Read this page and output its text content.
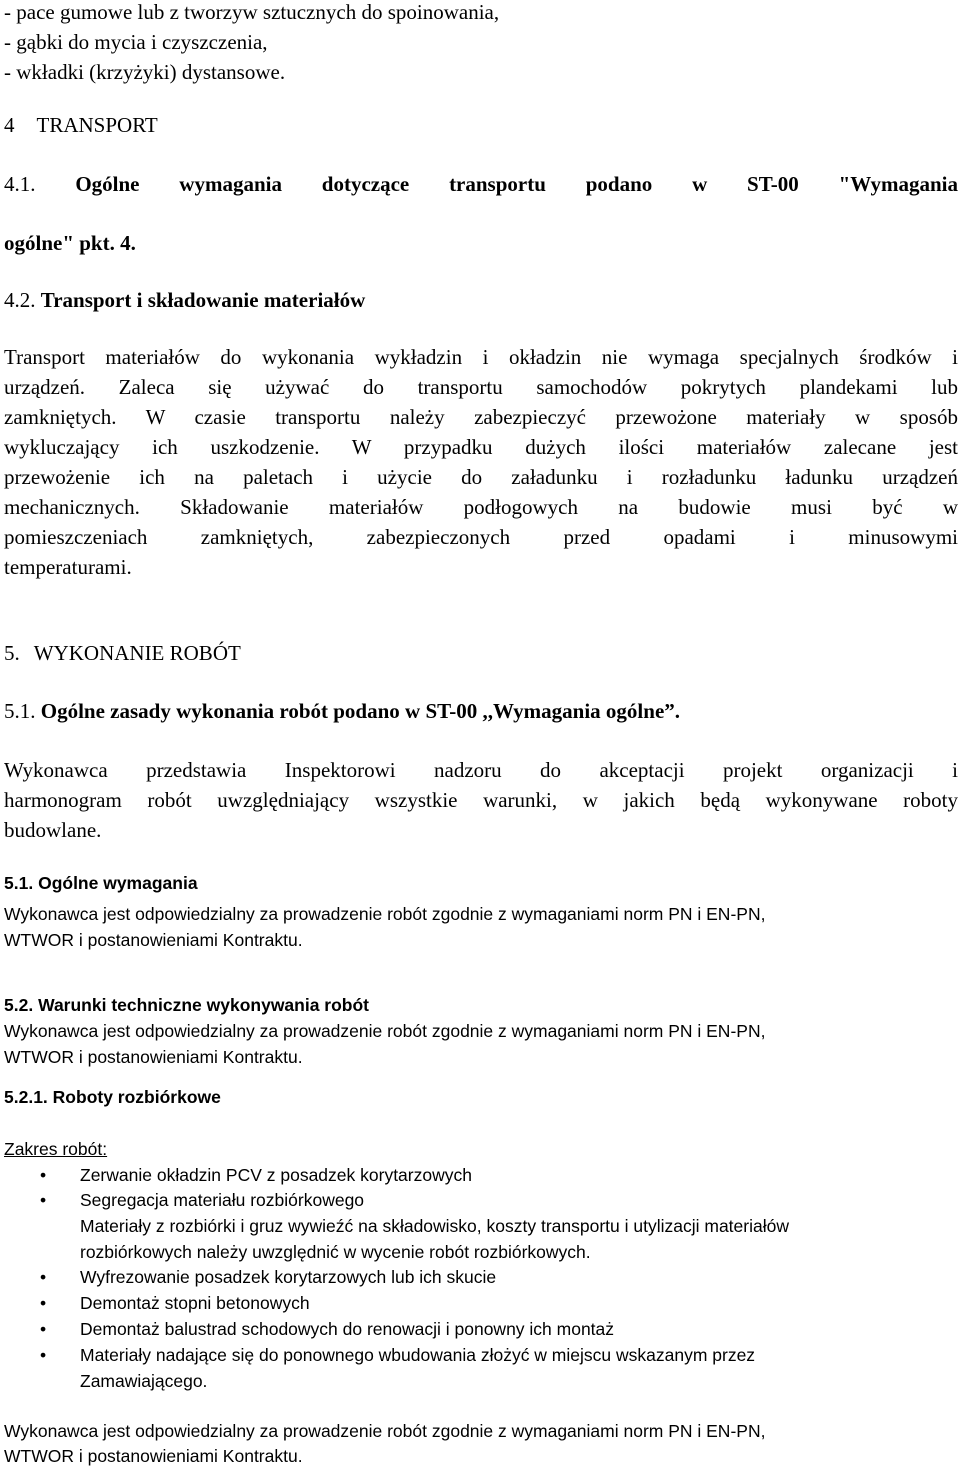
- pace gumowe lub z tworzyw sztucznych do spoinowania,
- gąbki do mycia i czyszczenia,
- wkładki (krzyżyki) dystansowe.
4 TRANSPORT
4.1. Ogólne wymagania dotyczące transportu podano w ST-00 "Wymagania
ogólne" pkt. 4.
4.2. Transport i składowanie materiałów
Transport materiałów do wykonania wykładzin i okładzin nie wymaga specjalnych środków i
urządzeń. Zaleca się używać do transportu samochodów pokrytych plandekami lub
zamkniętych. W czasie transportu należy zabezpieczyć przewożone materiały w sposób
wykluczający ich uszkodzenie. W przypadku dużych ilości materiałów zalecane jest
przewożenie ich na paletach i użycie do załadunku i rozładunku ładunku urządzeń
mechanicznych. Składowanie materiałów podłogowych na budowie musi być w
pomieszczeniach zamkniętych, zabezpieczonych przed opadami i minusowymi
temperaturami.
5. WYKONANIE ROBÓT
5.1. Ogólne zasady wykonania robót podano w ST-00 ,,Wymagania ogólne”.
Wykonawca przedstawia Inspektorowi nadzoru do akceptacji projekt organizacji i
harmonogram robót uwzględniający wszystkie warunki, w jakich będą wykonywane roboty
budowlane.
5.1. Ogólne wymagania
Wykonawca jest odpowiedzialny za prowadzenie robót zgodnie z wymaganiami norm PN i EN-PN,
WTWOR i postanowieniami Kontraktu.
5.2. Warunki techniczne wykonywania robót
Wykonawca jest odpowiedzialny za prowadzenie robót zgodnie z wymaganiami norm PN i EN-PN,
WTWOR i postanowieniami Kontraktu.
5.2.1. Roboty rozbiórkowe
Zakres robót:
• Zerwanie okładzin PCV z posadzek korytarzowych
• Segregacja materiału rozbiórkowego
Materiały z rozbiórki i gruz wywieźć na składowisko, koszty transportu i utylizacji materiałów
rozbiórkowych należy uwzględnić w wycenie robót rozbiórkowych.
• Wyfrezowanie posadzek korytarzowych lub ich skucie
• Demontaż stopni betonowych
• Demontaż balustrad schodowych do renowacji i ponowny ich montaż
• Materiały nadające się do ponownego wbudowania złożyć w miejscu wskazanym przez
Zamawiającego.
Wykonawca jest odpowiedzialny za prowadzenie robót zgodnie z wymaganiami norm PN i EN-PN,
WTWOR i postanowieniami Kontraktu.
